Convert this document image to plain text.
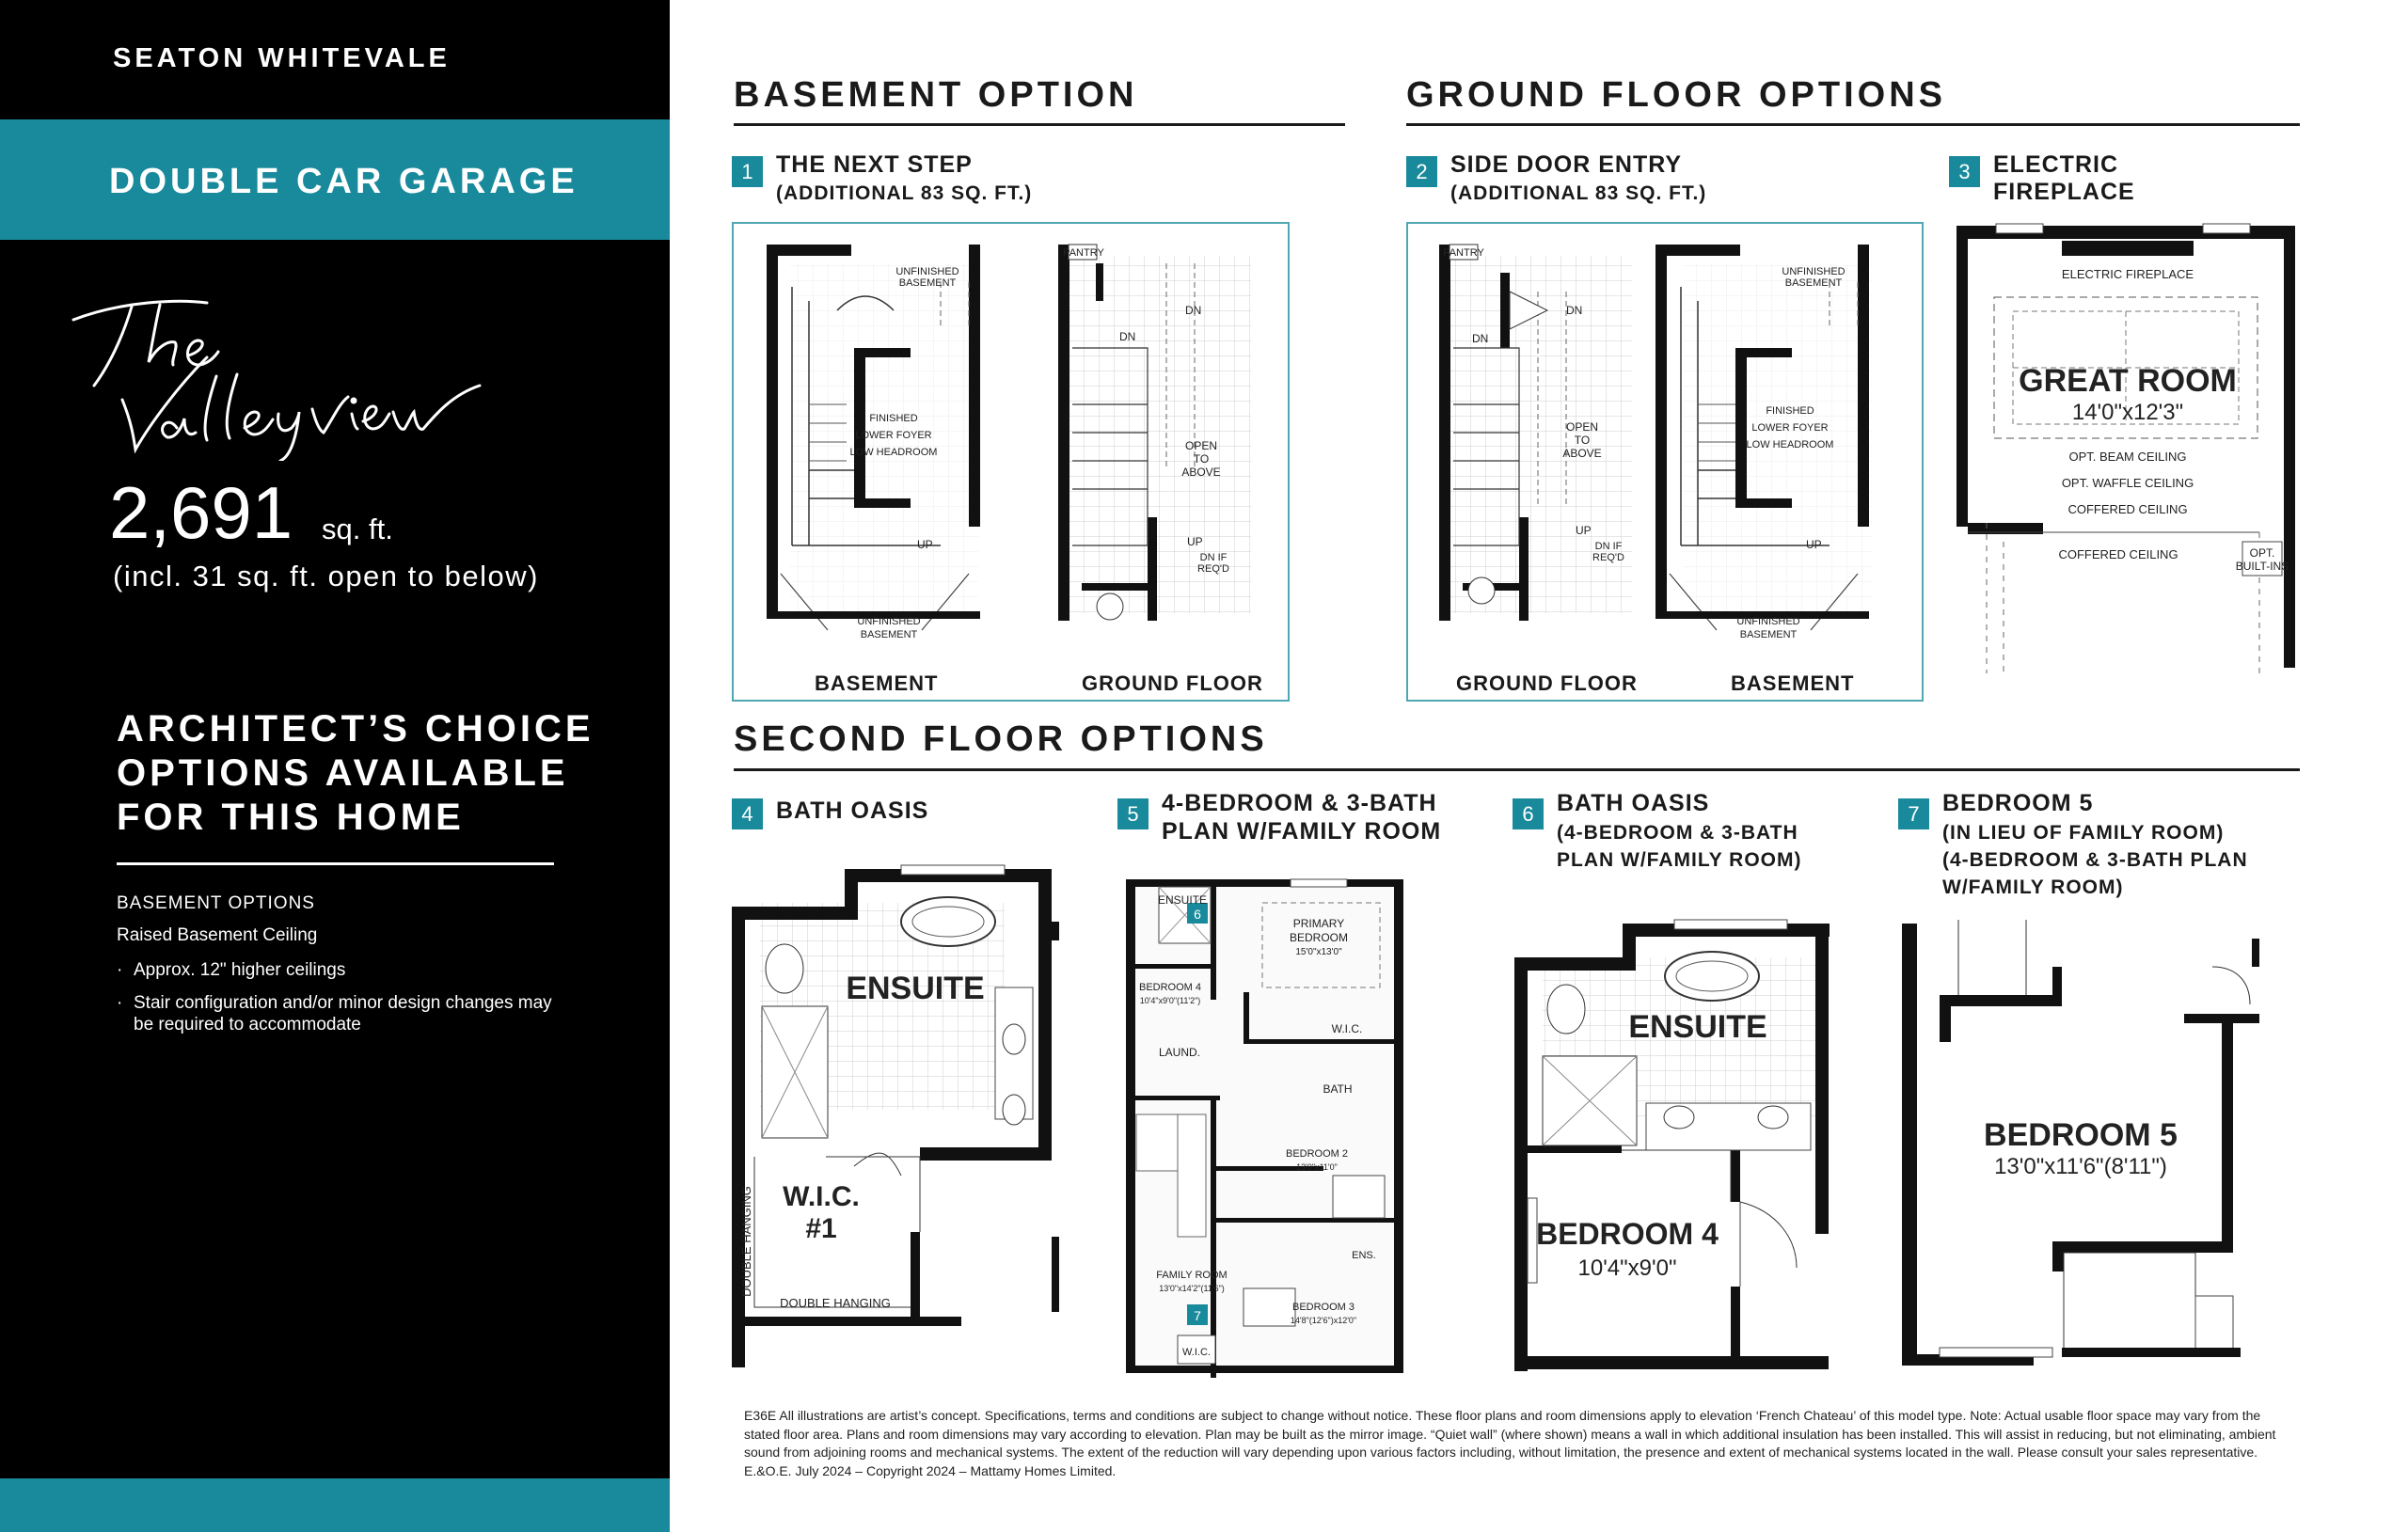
SEATON WHITEVALE
DOUBLE CAR GARAGE
2,691 sq. ft.
(incl. 31 sq. ft. open to below)
ARCHITECT’S CHOICE OPTIONS AVAILABLE FOR THIS HOME
BASEMENT OPTIONS
Raised Basement Ceiling
· Approx. 12" higher ceilings
· Stair configuration and/or minor design changes may be required to accommodate
BASEMENT OPTION	GROUND FLOOR OPTIONS
SECOND FLOOR OPTIONS
1 THE NEXT STEP
(ADDITIONAL 83 SQ. FT.)
2 SIDE DOOR ENTRY
(ADDITIONAL 83 SQ. FT.)
3 ELECTRIC
FIREPLACE
4 BATH OASIS	5 4-BEDROOM & 3-BATH
PLAN W/FAMILY ROOM
6 BATH OASIS
(4-BEDROOM & 3-BATH
PLAN W/FAMILY ROOM)
7 BEDROOM 5
(IN LIEU OF FAMILY ROOM)
(4-BEDROOM & 3-BATH PLAN
W/FAMILY ROOM)
UNFINISHED
BASEMENT
FINISHED
LOWER FOYER
LOW HEADROOM
UP
UNFINISHED
BASEMENT
PANTRY
DN
DN
OPEN
TO
ABOVE
UP
DN IF
REQ'D
BASEMENT	GROUND FLOOR
PANTRY
DN
DN
OPEN
TO
ABOVE
UP
DN IF
REQ'D
UNFINISHED
BASEMENT
FINISHED
LOWER FOYER
LOW HEADROOM
UP
UNFINISHED
BASEMENT
GROUND FLOOR	BASEMENT
ELECTRIC FIREPLACE
GREAT ROOM
14'0"x12'3"
OPT. BEAM CEILING
OPT. WAFFLE CEILING
COFFERED CEILING
COFFERED CEILING	OPT.
BUILT-INS
ENSUITE
W.I.C.
#1
DOUBLE HANGING
DOUBLE HANGING
ENSUITE
6
PRIMARY
BEDROOM
15'0"x13'0"
BEDROOM 4
10'4"x9'0"(11'2")
LAUND.
W.I.C.
BATH
BEDROOM 2
13'0"x11'0"
ENS.
FAMILY ROOM
13'0"x14'2"(11'6")
7
BEDROOM 3
14'8"(12'6")x12'0"
W.I.C.
ENSUITE
BEDROOM 4
10'4"x9'0"
BEDROOM 5
13'0"x11'6"(8'11")
E36E All illustrations are artist’s concept. Specifications, terms and conditions are subject to change without notice. These floor plans and room dimensions apply to elevation ‘French Chateau’ of this model type. Note: Actual usable floor space may vary from the stated floor area. Plans and room dimensions may vary according to elevation. Plan may be built as the mirror image. “Quiet wall” (where shown) means a wall in which additional insulation has been installed. This will assist in reducing, but not eliminating, ambient sound from adjoining rooms and mechanical systems. The extent of the reduction will vary depending upon various factors including, without limitation, the presence and extent of mechanical systems located in the wall. Please consult your sales representative. E.&O.E. July 2024 – Copyright 2024 – Mattamy Homes Limited.
